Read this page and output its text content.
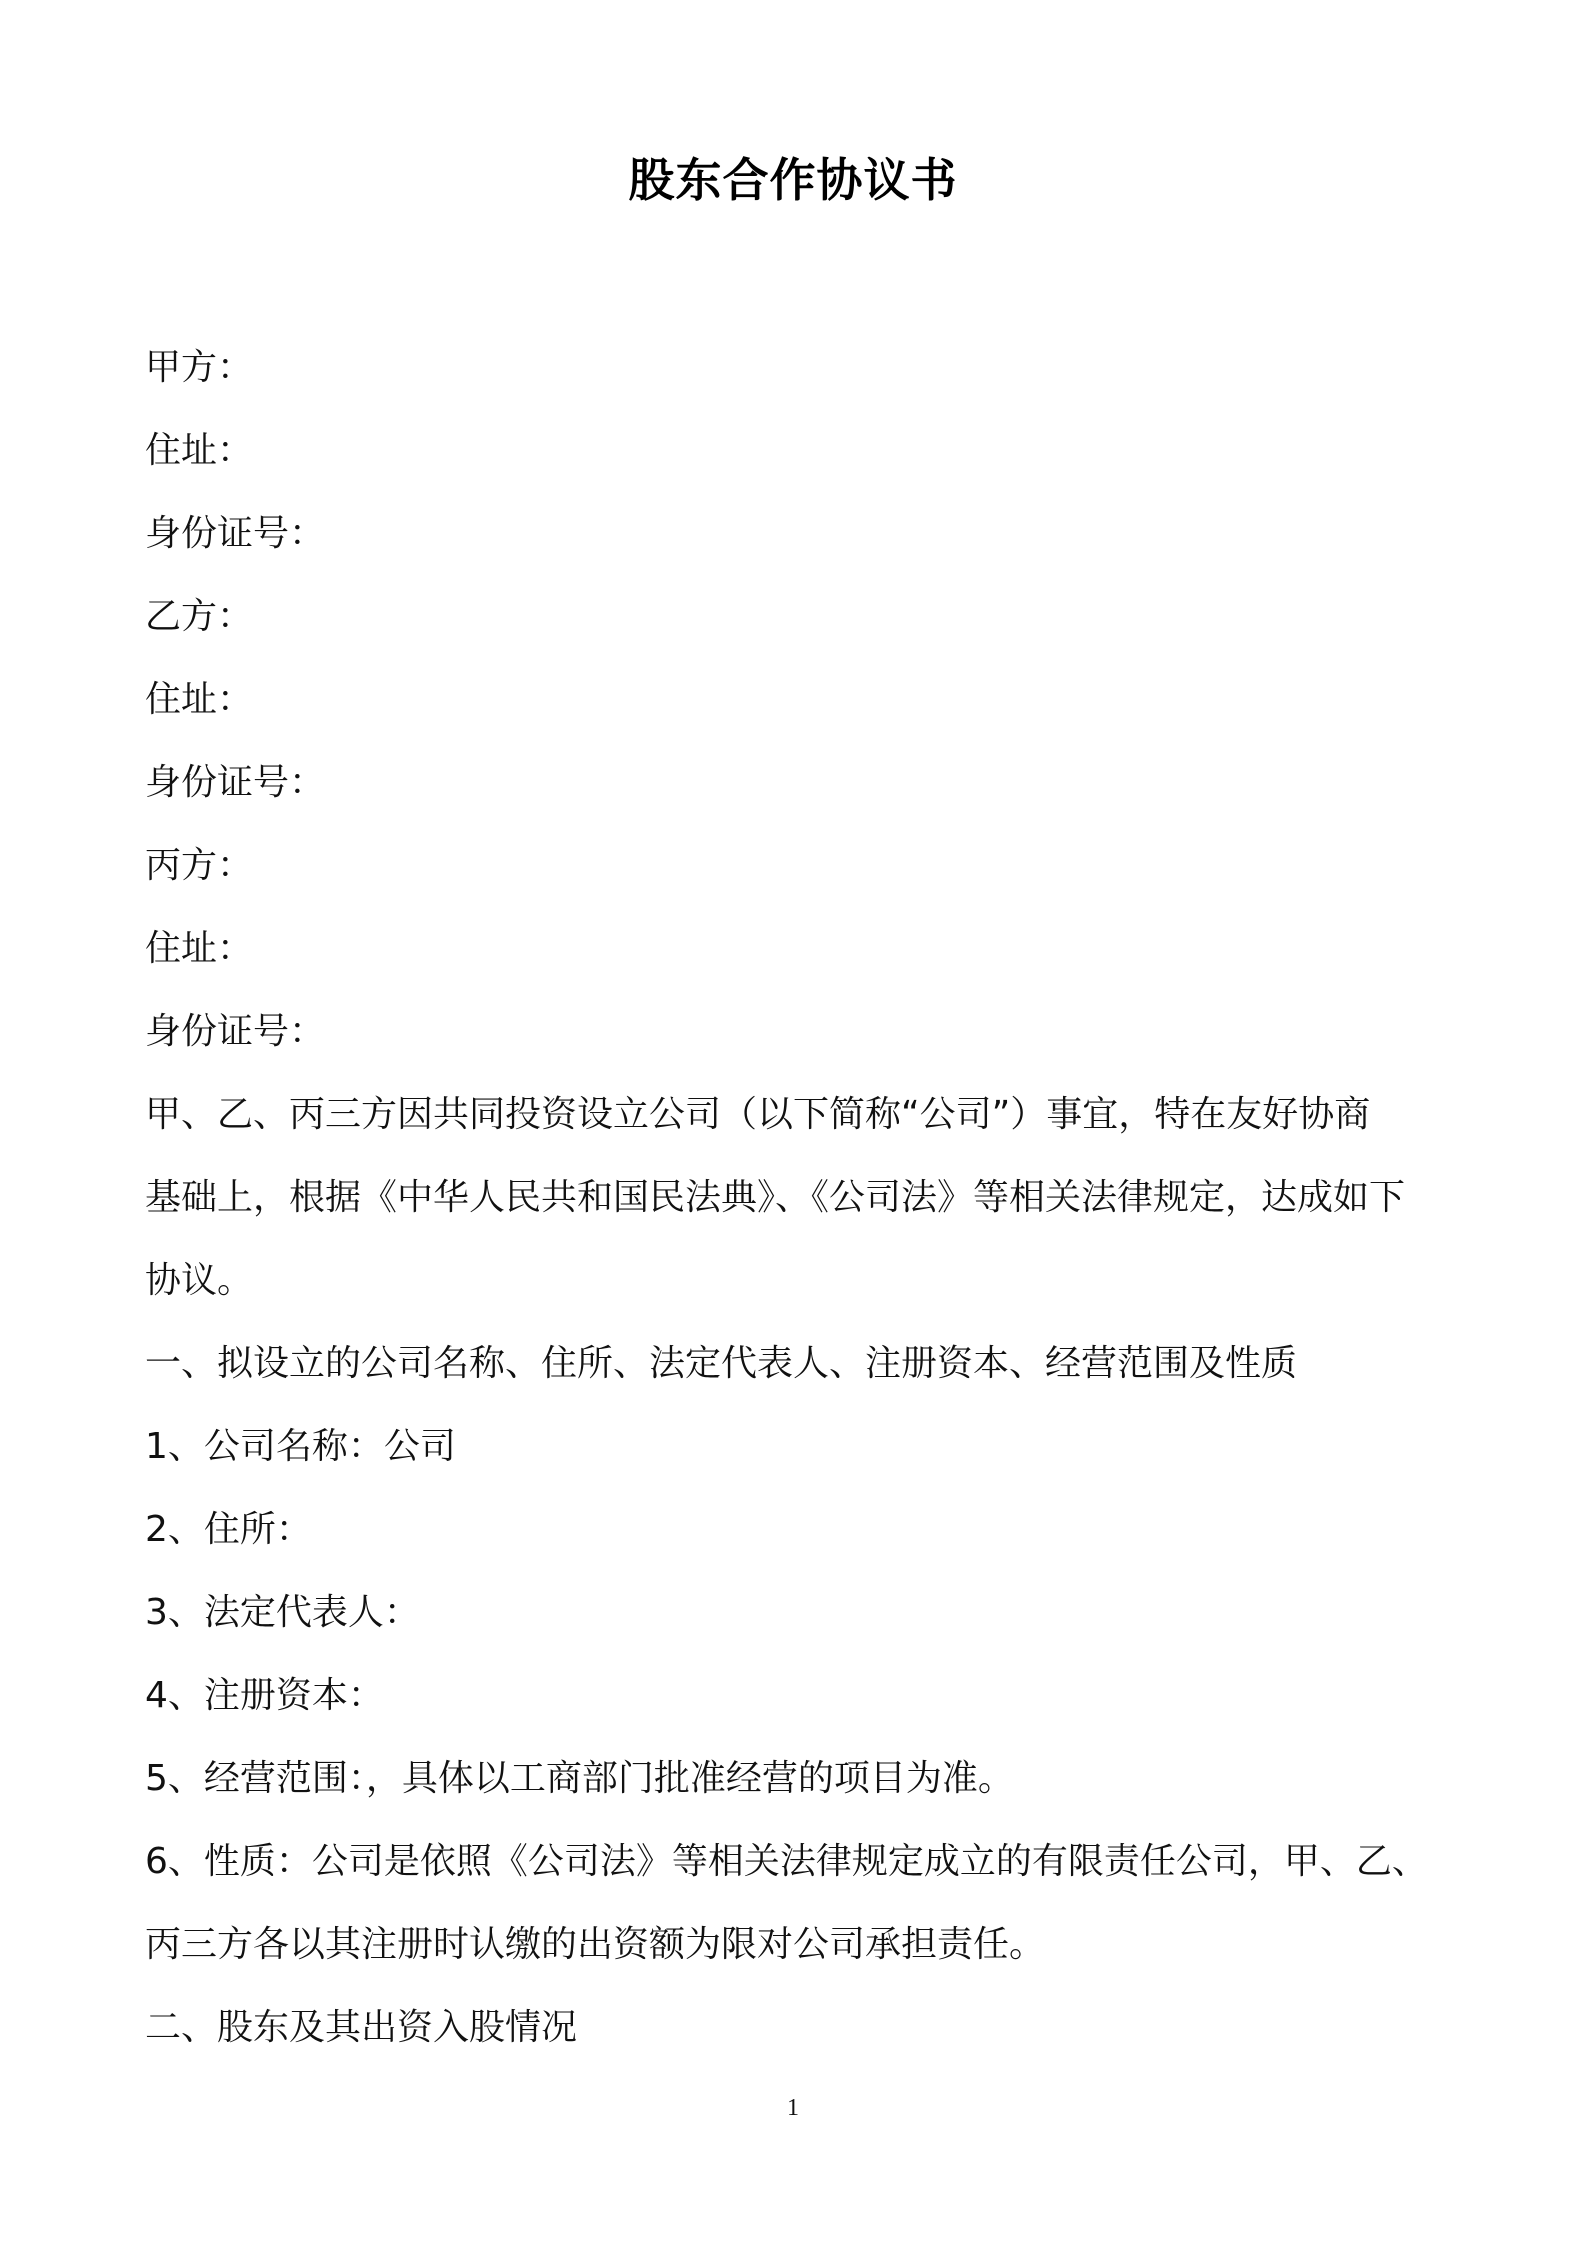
股东合作协议书
甲方：
住址：
身份证号：
乙方：
住址：
身份证号：
丙方：
住址：
身份证号：
甲、乙、丙三方因共同投资设立公司（以下简称“公司”）事宜，特在友好协商
基础上，根据《中华人民共和国民法典》、《公司法》等相关法律规定，达成如下
协议。
一、拟设立的公司名称、住所、法定代表人、注册资本、经营范围及性质
1、公司名称：公司
2、住所：
3、法定代表人：
4、注册资本：
5、经营范围：，具体以工商部门批准经营的项目为准。
6、性质：公司是依照《公司法》等相关法律规定成立的有限责任公司，甲、乙、
丙三方各以其注册时认缴的出资额为限对公司承担责任。
二、股东及其出资入股情况
1
